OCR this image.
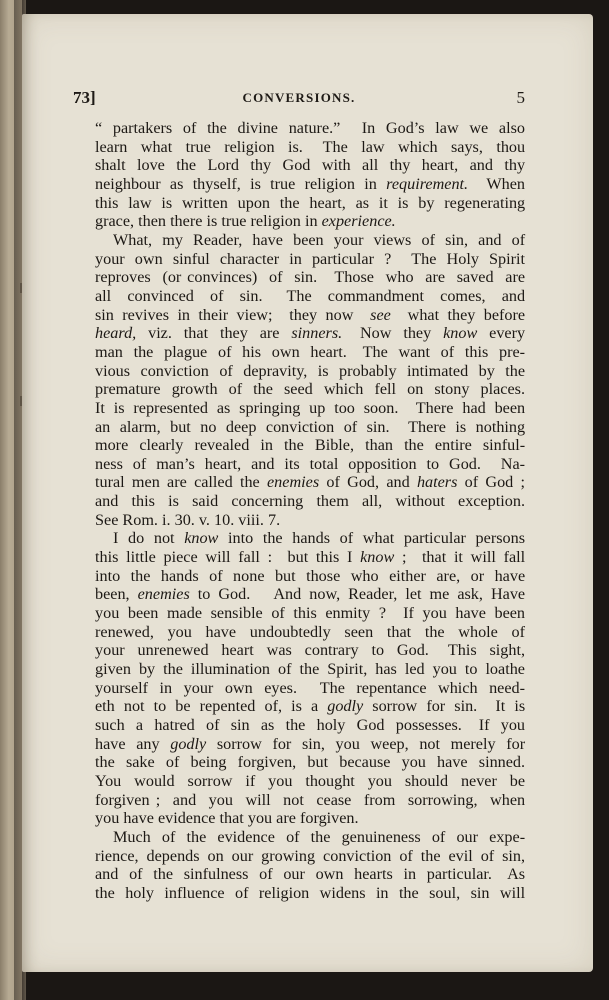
73]	CONVERSIONS.	5
“ partakers of the divine nature.” In God’s law we also
learn what true religion is. The law which says, thou
shalt love the Lord thy God with all thy heart, and thy
neighbour as thyself, is true religion in requirement. When
this law is written upon the heart, as it is by regenerating
grace, then there is true religion in experience.
What, my Reader, have been your views of sin, and of
your own sinful character in particular ? The Holy Spirit
reproves (or convinces) of sin. Those who are saved are
all convinced of sin. The commandment comes, and
sin revives in their view; they now see what they before
heard, viz. that they are sinners. Now they know every
man the plague of his own heart. The want of this pre-
vious conviction of depravity, is probably intimated by the
premature growth of the seed which fell on stony places.
It is represented as springing up too soon. There had been
an alarm, but no deep conviction of sin. There is nothing
more clearly revealed in the Bible, than the entire sinful-
ness of man’s heart, and its total opposition to God. Na-
tural men are called the enemies of God, and haters of God ;
and this is said concerning them all, without exception.
See Rom. i. 30. v. 10. viii. 7.
I do not know into the hands of what particular persons
this little piece will fall : but this I know ; that it will fall
into the hands of none but those who either are, or have
been, enemies to God. And now, Reader, let me ask, Have
you been made sensible of this enmity ? If you have been
renewed, you have undoubtedly seen that the whole of
your unrenewed heart was contrary to God. This sight,
given by the illumination of the Spirit, has led you to loathe
yourself in your own eyes. The repentance which need-
eth not to be repented of, is a godly sorrow for sin. It is
such a hatred of sin as the holy God possesses. If you
have any godly sorrow for sin, you weep, not merely for
the sake of being forgiven, but because you have sinned.
You would sorrow if you thought you should never be
forgiven ; and you will not cease from sorrowing, when
you have evidence that you are forgiven.
Much of the evidence of the genuineness of our expe-
rience, depends on our growing conviction of the evil of sin,
and of the sinfulness of our own hearts in particular. As
the holy influence of religion widens in the soul, sin will
